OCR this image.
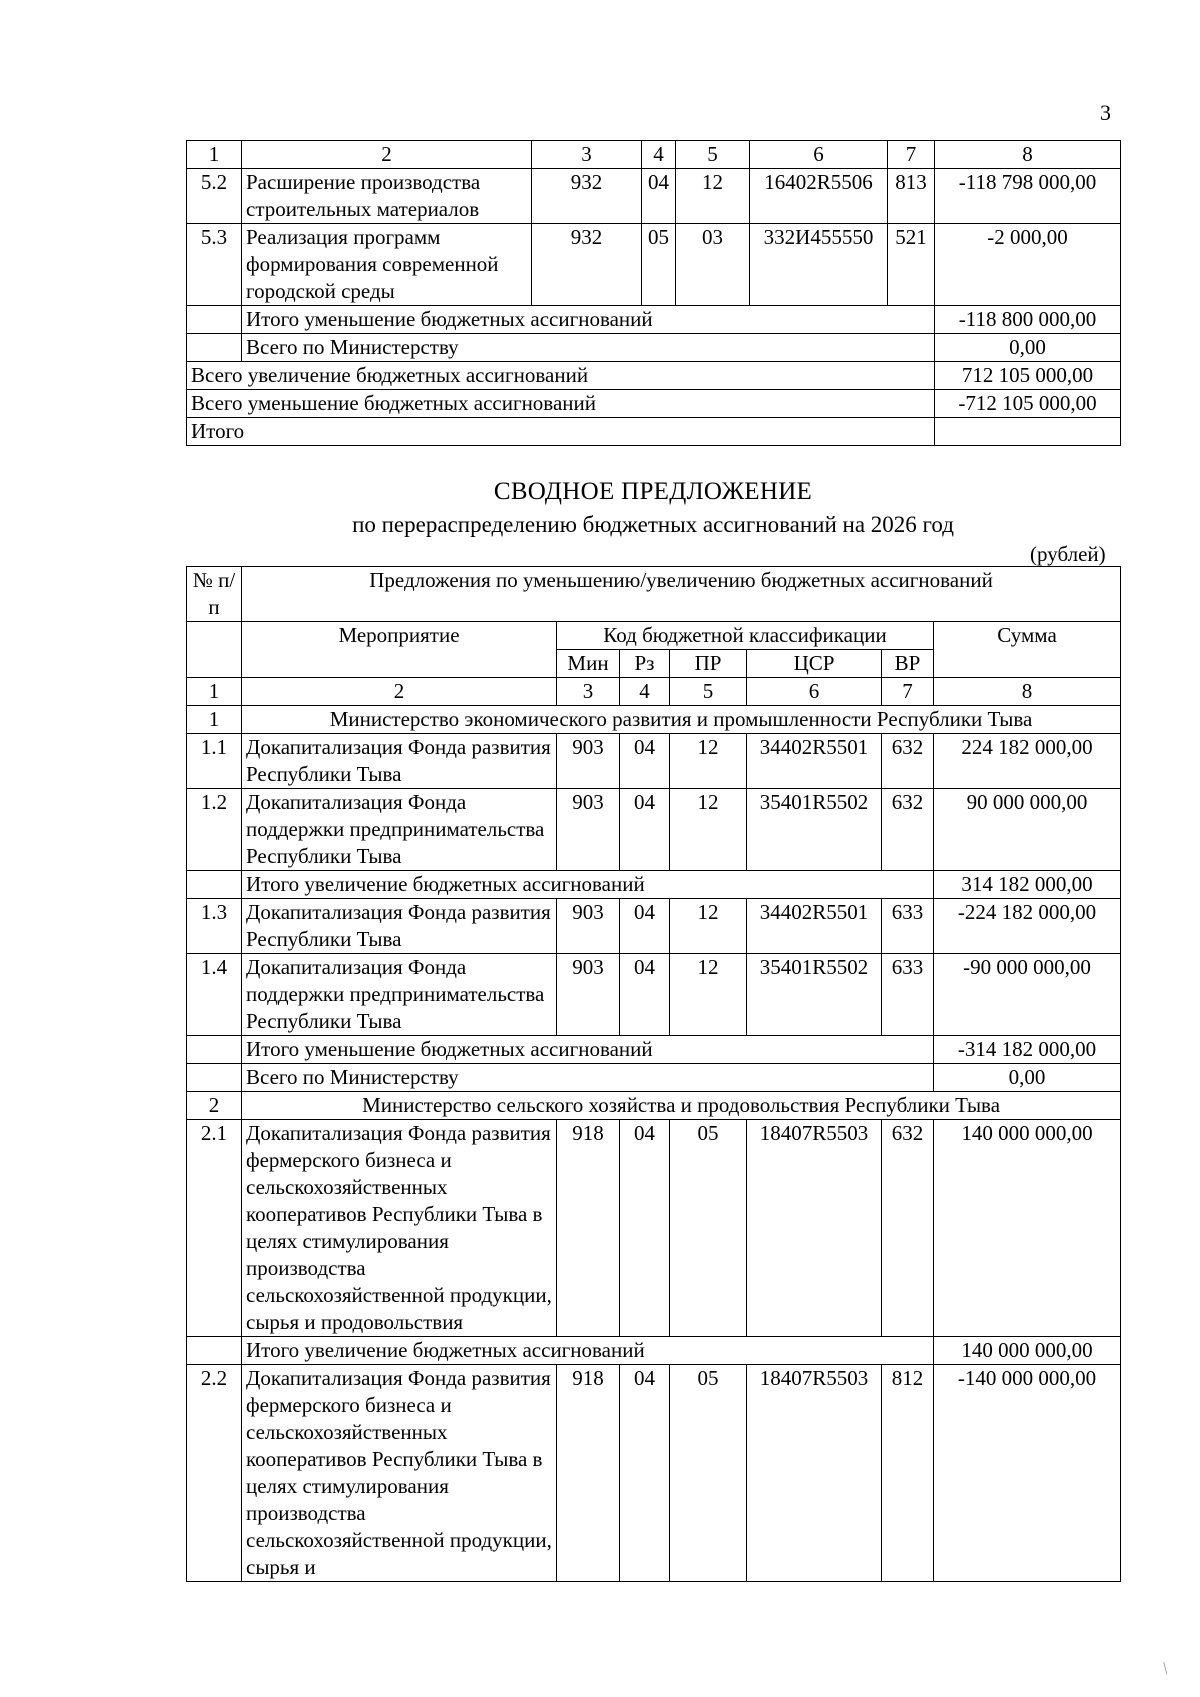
3
1	2	3	4	5	6	7	8
5.2	Расширение производства строительных материалов	932	04	12	16402R5506	813	-118 798 000,00
5.3	Реализация программ формирования современной городской среды	932	05	03	332И455550	521	-2 000,00
	Итого уменьшение бюджетных ассигнований						-118 800 000,00
	Всего по Министерству						0,00
Всего увеличение бюджетных ассигнований							712 105 000,00
Всего уменьшение бюджетных ассигнований							-712 105 000,00
Итого							
СВОДНОЕ ПРЕДЛОЖЕНИЕ
по перераспределению бюджетных ассигнований на 2026 год
(рублей)
№ п/п	Предложения по уменьшению/увеличению бюджетных ассигнований						
	Мероприятие	Код бюджетной классификации					Сумма
		Мин	Рз	ПР	ЦСР	ВР	
1	2	3	4	5	6	7	8
1	Министерство экономического развития и промышленности Республики Тыва						
1.1	Докапитализация Фонда развития Республики Тыва	903	04	12	34402R5501	632	224 182 000,00
1.2	Докапитализация Фонда поддержки предпринимательства Республики Тыва	903	04	12	35401R5502	632	90 000 000,00
	Итого увеличение бюджетных ассигнований						314 182 000,00
1.3	Докапитализация Фонда развития Республики Тыва	903	04	12	34402R5501	633	-224 182 000,00
1.4	Докапитализация Фонда поддержки предпринимательства Республики Тыва	903	04	12	35401R5502	633	-90 000 000,00
	Итого уменьшение бюджетных ассигнований						-314 182 000,00
	Всего по Министерству						0,00
2	Министерство сельского хозяйства и продовольствия Республики Тыва						
2.1	Докапитализация Фонда развития фермерского бизнеса и сельскохозяйственных кооперативов Республики Тыва в целях стимулирования производства сельскохозяйственной продукции, сырья и продовольствия	918	04	05	18407R5503	632	140 000 000,00
	Итого увеличение бюджетных ассигнований						140 000 000,00
2.2	Докапитализация Фонда развития фермерского бизнеса и сельскохозяйственных кооперативов Республики Тыва в целях стимулирования производства сельскохозяйственной продукции, сырья и	918	04	05	18407R5503	812	-140 000 000,00
⁄
